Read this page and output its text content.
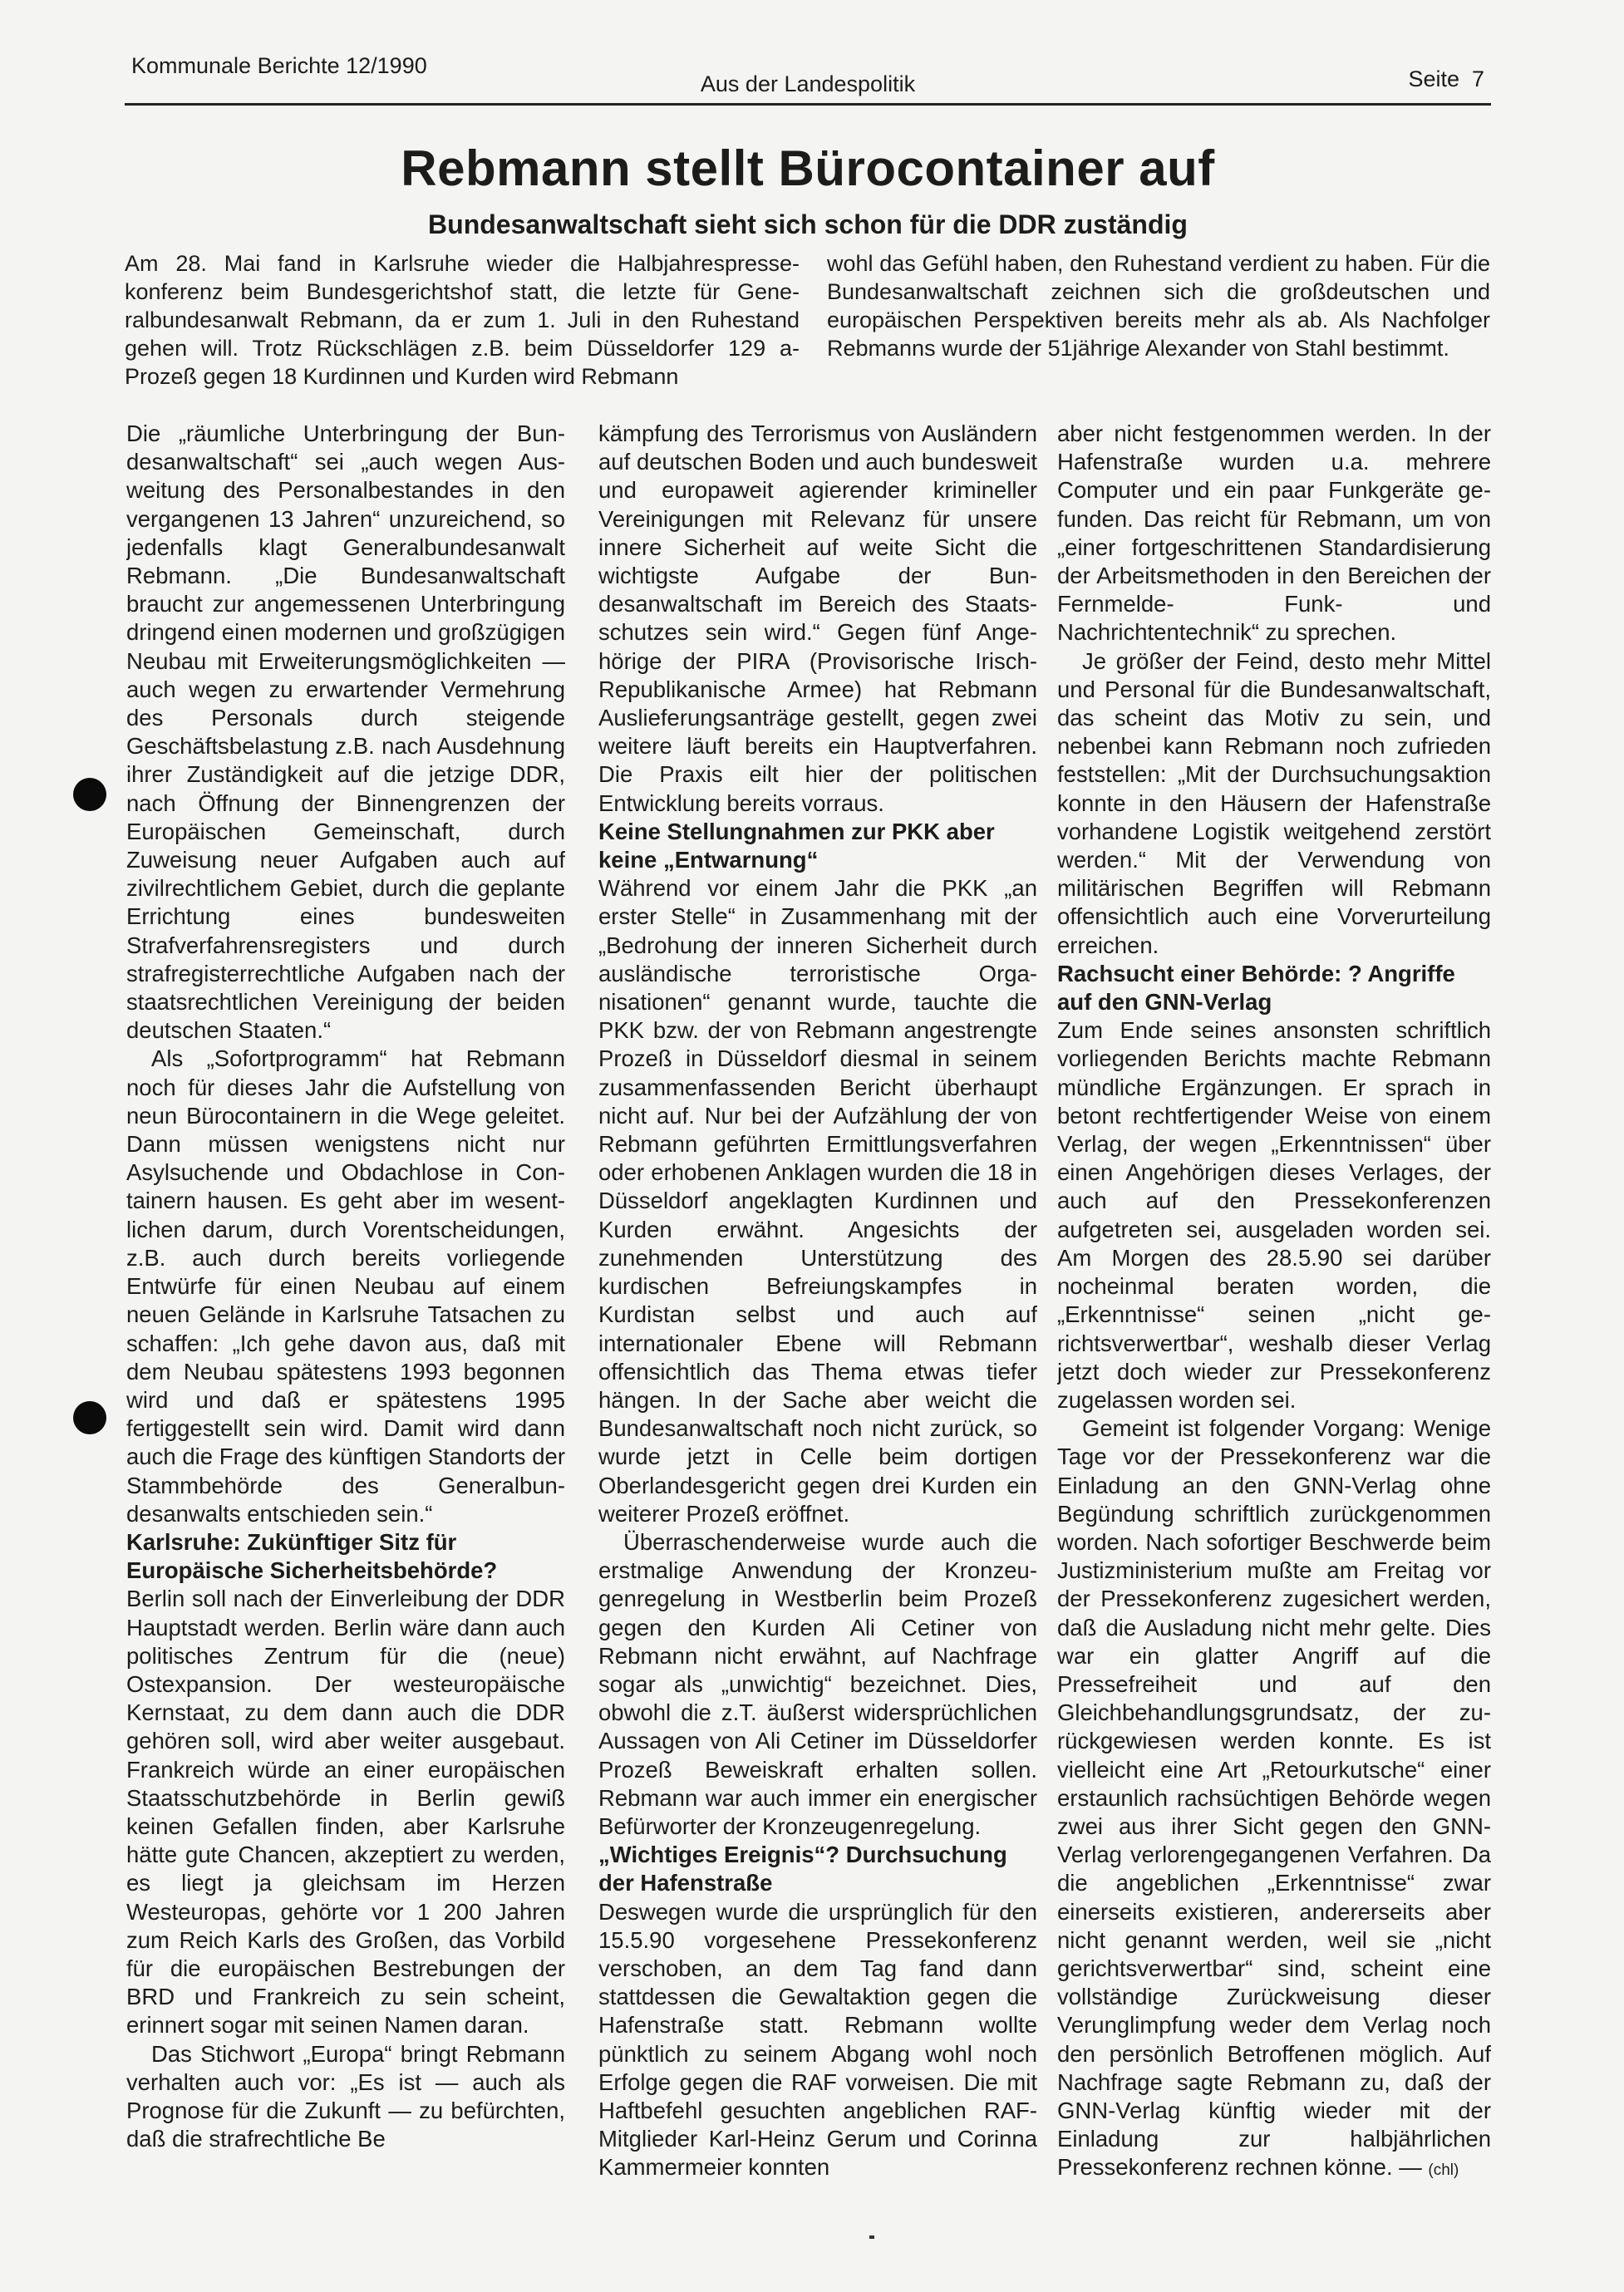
Kommunale Berichte 12/1990
Aus der Landespolitik	Seite  7
Rebmann stellt Bürocontainer auf
Bundesanwaltschaft sieht sich schon für die DDR zuständig
Am 28. Mai fand in Karlsruhe wieder die Halbjahrespressekonferenz beim Bundesgerichtshof statt, die letzte für Generalbundesanwalt Rebmann, da er zum 1. Juli in den Ruhestand gehen will. Trotz Rückschlägen z.B. beim Düsseldorfer 129 a-Prozeß gegen 18 Kurdinnen und Kurden wird Rebmann
wohl das Gefühl haben, den Ruhestand verdient zu haben. Für die Bundesanwaltschaft zeichnen sich die großdeutschen und europäischen Perspektiven bereits mehr als ab. Als Nachfolger Rebmanns wurde der 51jährige Alexander von Stahl bestimmt.

Die „räumliche Unterbringung der Bundesanwaltschaft“ sei „auch wegen Ausweitung des Personalbestandes in den vergangenen 13 Jahren“ unzureichend, so jedenfalls klagt Generalbundesanwalt Rebmann. „Die Bundesanwaltschaft braucht zur angemessenen Unterbringung dringend einen modernen und großzügigen Neubau mit Erweiterungsmöglichkeiten — auch wegen zu erwartender Vermehrung des Personals durch steigende Geschäftsbelastung z.B. nach Ausdehnung ihrer Zuständigkeit auf die jetzige DDR, nach Öffnung der Binnengrenzen der Europäischen Gemeinschaft, durch Zuweisung neuer Aufgaben auch auf zivilrechtlichem Gebiet, durch die geplante Errichtung eines bundesweiten Strafverfahrensregisters und durch strafregisterrechtliche Aufgaben nach der staatsrechtlichen Vereinigung der beiden deutschen Staaten.“

Als „Sofortprogramm“ hat Rebmann noch für dieses Jahr die Aufstellung von neun Bürocontainern in die Wege geleitet. Dann müssen wenigstens nicht nur Asylsuchende und Obdachlose in Containern hausen. Es geht aber im wesentlichen darum, durch Vorentscheidungen, z.B. auch durch bereits vorliegende Entwürfe für einen Neubau auf einem neuen Gelände in Karlsruhe Tatsachen zu schaffen: „Ich gehe davon aus, daß mit dem Neubau spätestens 1993 begonnen wird und daß er spätestens 1995 fertiggestellt sein wird. Damit wird dann auch die Frage des künftigen Standorts der Stammbehörde des Generalbundesanwalts entschieden sein.“

Karlsruhe: Zukünftiger Sitz für Europäische Sicherheitsbehörde?

Berlin soll nach der Einverleibung der DDR Hauptstadt werden. Berlin wäre dann auch politisches Zentrum für die (neue) Ostexpansion. Der westeuropäische Kernstaat, zu dem dann auch die DDR gehören soll, wird aber weiter ausgebaut. Frankreich würde an einer europäischen Staatsschutzbehörde in Berlin gewiß keinen Gefallen finden, aber Karlsruhe hätte gute Chancen, akzeptiert zu werden, es liegt ja gleichsam im Herzen Westeuropas, gehörte vor 1 200 Jahren zum Reich Karls des Großen, das Vorbild für die europäischen Bestrebungen der BRD und Frankreich zu sein scheint, erinnert sogar mit seinen Namen daran.

Das Stichwort „Europa“ bringt Rebmann verhalten auch vor: „Es ist — auch als Prognose für die Zukunft — zu befürchten, daß die strafrechtliche Be

kämpfung des Terrorismus von Ausländern auf deutschen Boden und auch bundesweit und europaweit agierender krimineller Vereinigungen mit Relevanz für unsere innere Sicherheit auf weite Sicht die wichtigste Aufgabe der Bundesanwaltschaft im Bereich des Staatsschutzes sein wird.“ Gegen fünf Angehörige der PIRA (Provisorische Irisch-Republikanische Armee) hat Rebmann Auslieferungsanträge gestellt, gegen zwei weitere läuft bereits ein Hauptverfahren. Die Praxis eilt hier der politischen Entwicklung bereits vorraus.

Keine Stellungnahmen zur PKK aber keine „Entwarnung“

Während vor einem Jahr die PKK „an erster Stelle“ in Zusammenhang mit der „Bedrohung der inneren Sicherheit durch ausländische terroristische Organisationen“ genannt wurde, tauchte die PKK bzw. der von Rebmann angestrengte Prozeß in Düsseldorf diesmal in seinem zusammenfassenden Bericht überhaupt nicht auf. Nur bei der Aufzählung der von Rebmann geführten Ermittlungsverfahren oder erhobenen Anklagen wurden die 18 in Düsseldorf angeklagten Kurdinnen und Kurden erwähnt. Angesichts der zunehmenden Unterstützung des kurdischen Befreiungskampfes in Kurdistan selbst und auch auf internationaler Ebene will Rebmann offensichtlich das Thema etwas tiefer hängen. In der Sache aber weicht die Bundesanwaltschaft noch nicht zurück, so wurde jetzt in Celle beim dortigen Oberlandesgericht gegen drei Kurden ein weiterer Prozeß eröffnet.

Überraschenderweise wurde auch die erstmalige Anwendung der Kronzeugenregelung in Westberlin beim Prozeß gegen den Kurden Ali Cetiner von Rebmann nicht erwähnt, auf Nachfrage sogar als „unwichtig“ bezeichnet. Dies, obwohl die z.T. äußerst widersprüchlichen Aussagen von Ali Cetiner im Düsseldorfer Prozeß Beweiskraft erhalten sollen. Rebmann war auch immer ein energischer Befürworter der Kronzeugenregelung.

„Wichtiges Ereignis“? Durchsuchung der Hafenstraße

Deswegen wurde die ursprünglich für den 15.5.90 vorgesehene Pressekonferenz verschoben, an dem Tag fand dann stattdessen die Gewaltaktion gegen die Hafenstraße statt. Rebmann wollte pünktlich zu seinem Abgang wohl noch Erfolge gegen die RAF vorweisen. Die mit Haftbefehl gesuchten angeblichen RAF-Mitglieder Karl-Heinz Gerum und Corinna Kammermeier konnten

aber nicht festgenommen werden. In der Hafenstraße wurden u.a. mehrere Computer und ein paar Funkgeräte gefunden. Das reicht für Rebmann, um von „einer fortgeschrittenen Standardisierung der Arbeitsmethoden in den Bereichen der Fernmelde- Funk- und Nachrichtentechnik“ zu sprechen.

Je größer der Feind, desto mehr Mittel und Personal für die Bundesanwaltschaft, das scheint das Motiv zu sein, und nebenbei kann Rebmann noch zufrieden feststellen: „Mit der Durchsuchungsaktion konnte in den Häusern der Hafenstraße vorhandene Logistik weitgehend zerstört werden.“ Mit der Verwendung von militärischen Begriffen will Rebmann offensichtlich auch eine Vorverurteilung erreichen.

Rachsucht einer Behörde: ? Angriffe auf den GNN-Verlag

Zum Ende seines ansonsten schriftlich vorliegenden Berichts machte Rebmann mündliche Ergänzungen. Er sprach in betont rechtfertigender Weise von einem Verlag, der wegen „Erkenntnissen“ über einen Angehörigen dieses Verlages, der auch auf den Pressekonferenzen aufgetreten sei, ausgeladen worden sei. Am Morgen des 28.5.90 sei darüber nocheinmal beraten worden, die „Erkenntnisse“ seinen „nicht gerichtsverwertbar“, weshalb dieser Verlag jetzt doch wieder zur Pressekonferenz zugelassen worden sei.

Gemeint ist folgender Vorgang: Wenige Tage vor der Pressekonferenz war die Einladung an den GNN-Verlag ohne Begündung schriftlich zurückgenommen worden. Nach sofortiger Beschwerde beim Justizministerium mußte am Freitag vor der Pressekonferenz zugesichert werden, daß die Ausladung nicht mehr gelte. Dies war ein glatter Angriff auf die Pressefreiheit und auf den Gleichbehandlungsgrundsatz, der zurückgewiesen werden konnte. Es ist vielleicht eine Art „Retourkutsche“ einer erstaunlich rachsüchtigen Behörde wegen zwei aus ihrer Sicht gegen den GNN-Verlag verlorengegangenen Verfahren. Da die angeblichen „Erkenntnisse“ zwar einerseits existieren, andererseits aber nicht genannt werden, weil sie „nicht gerichtsverwertbar“ sind, scheint eine vollständige Zurückweisung dieser Verunglimpfung weder dem Verlag noch den persönlich Betroffenen möglich. Auf Nachfrage sagte Rebmann zu, daß der GNN-Verlag künftig wieder mit der Einladung zur halbjährlichen Pressekonferenz rechnen könne. — (chl)
